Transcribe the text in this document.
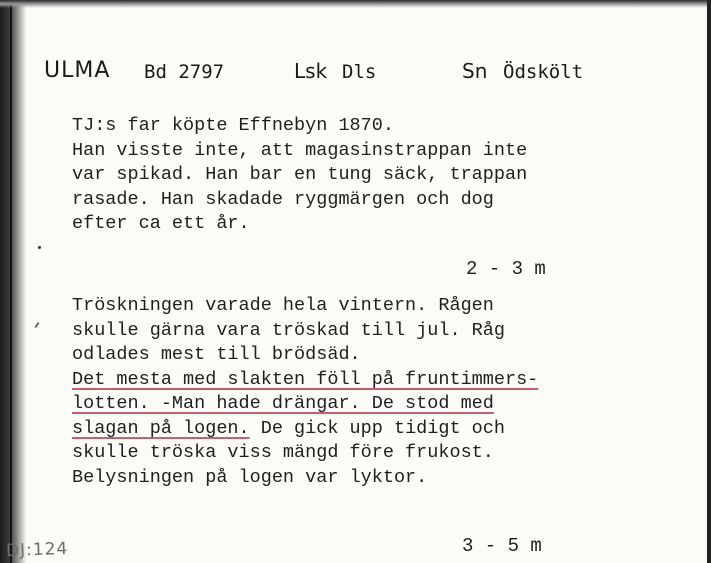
ULMA Bd 2797	Lsk Dls	Sn Ödskölt
TJ:s far köpte Effnebyn 1870.
Han visste inte, att magasinstrappan inte
var spikad. Han bar en tung säck, trappan
rasade. Han skadade ryggmärgen och dog
efter ca ett år.
2 - 3 m
Tröskningen varade hela vintern. Rågen
skulle gärna vara tröskad till jul. Råg
odlades mest till brödsäd.
Det mesta med slakten föll på fruntimmers-
lotten. -Man hade drängar. De stod med
slagan på logen. De gick upp tidigt och
skulle tröska viss mängd före frukost.
Belysningen på logen var lyktor.
3 - 5 m
DJ:124
